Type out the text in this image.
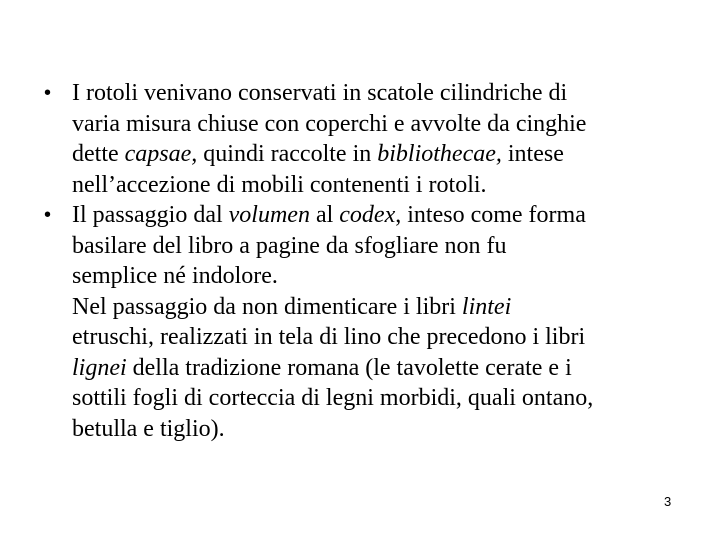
• I rotoli venivano conservati in scatole cilindriche di
varia misura chiuse con coperchi e avvolte da cinghie
dette capsae, quindi raccolte in bibliothecae, intese
nell’accezione di mobili contenenti i rotoli.
• Il passaggio dal volumen al codex, inteso come forma
basilare del libro a pagine da sfogliare non fu
semplice né indolore.
Nel passaggio da non dimenticare i libri lintei
etruschi, realizzati in tela di lino che precedono i libri
lignei della tradizione romana (le tavolette cerate e i
sottili fogli di corteccia di legni morbidi, quali ontano,
betulla e tiglio).
3
